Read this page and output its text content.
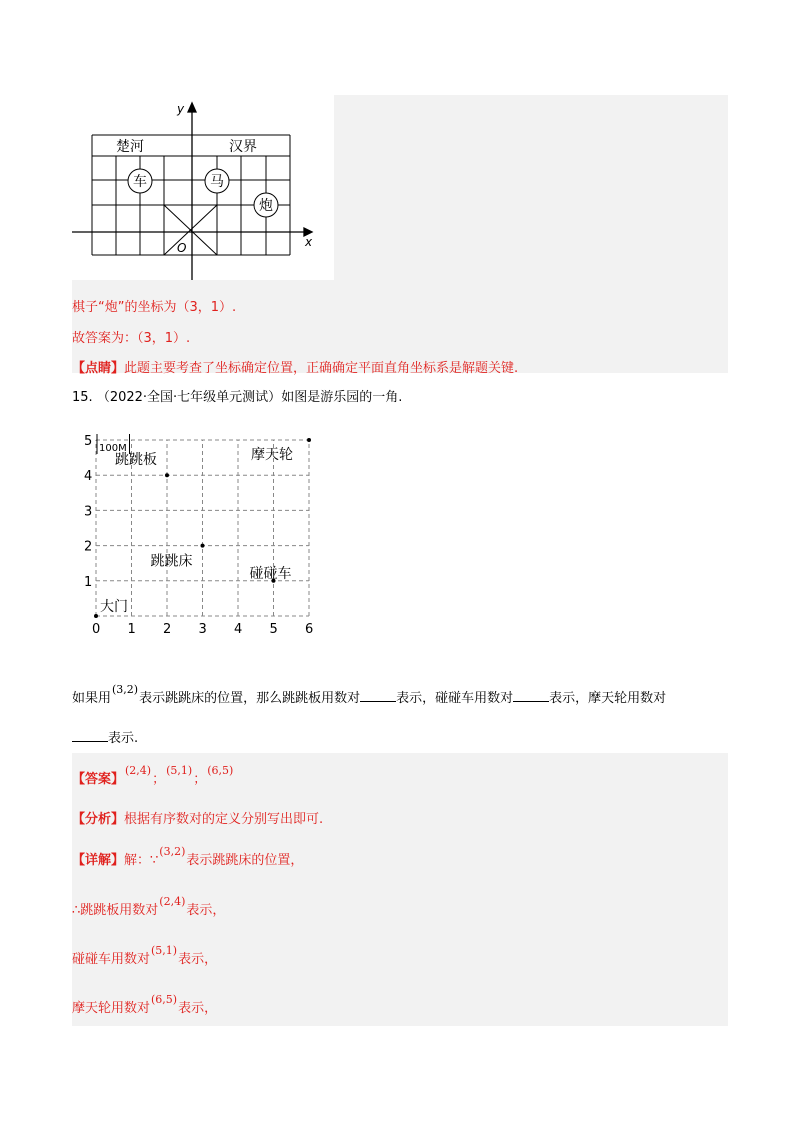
y
x
O
楚河	汉界
车	马
炮
棋子“炮”的坐标为（3，1）.
故答案为：（3，1）.
【点睛】此题主要考查了坐标确定位置，正确确定平面直角坐标系是解题关键.
15. （2022·全国·七年级单元测试）如图是游乐园的一角.
100M
0 1 2 3 4 5 6
1
2
3
4
5
跳跳板
跳跳床
碰碰车
摩天轮
大门
如果用(3,2)表示跳跳床的位置，那么跳跳板用数对	表示，碰碰车用数对	表示，摩天轮用数对
表示.
【答案】(2,4)；(5,1)；(6,5)
【分析】根据有序数对的定义分别写出即可.
【详解】解：∵(3,2)表示跳跳床的位置，
∴跳跳板用数对(2,4)表示，
碰碰车用数对(5,1)表示，
摩天轮用数对(6,5)表示，
